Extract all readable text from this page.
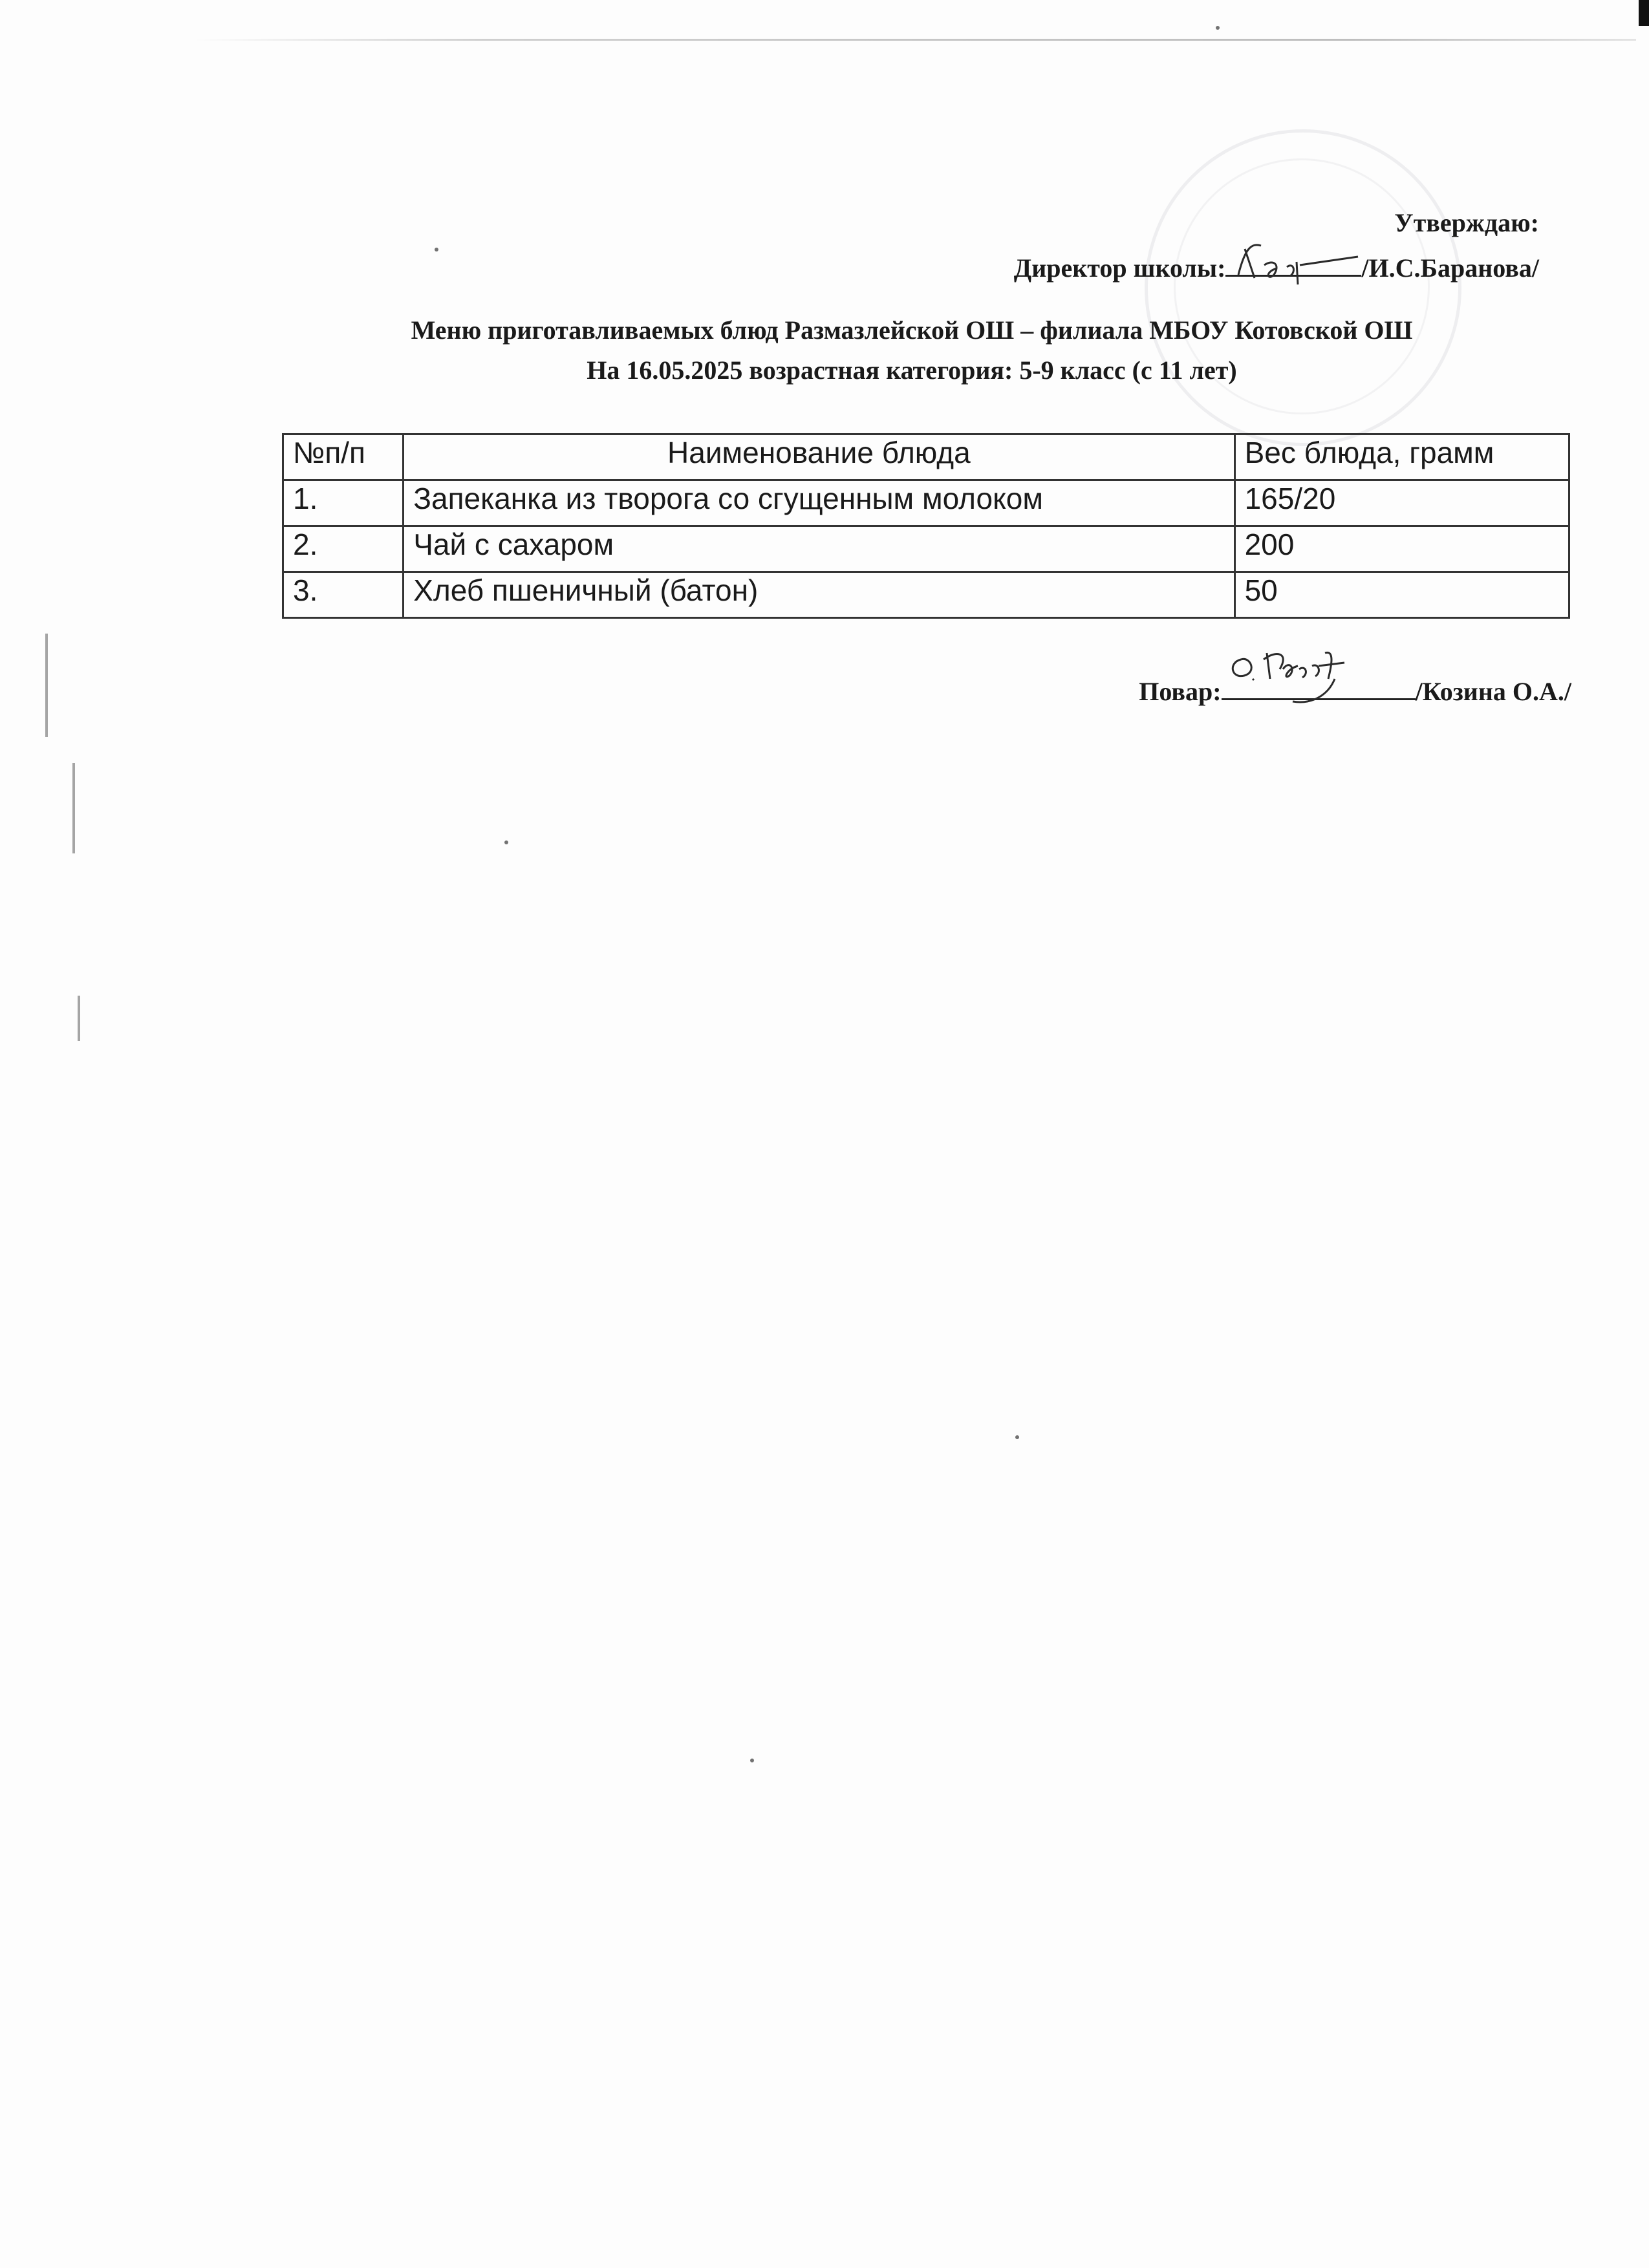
Утверждаю:
Директор школы:	/И.С.Баранова/
Меню приготавливаемых блюд Размазлейской ОШ – филиала МБОУ Котовской ОШ
На 16.05.2025 возрастная категория: 5-9 класс (с 11 лет)
№п/п	Наименование блюда	Вес блюда, грамм
1.	Запеканка из творога со сгущенным молоком	165/20
2.	Чай с сахаром	200
3.	Хлеб пшеничный (батон)	50
Повар:	/Козина О.А./
